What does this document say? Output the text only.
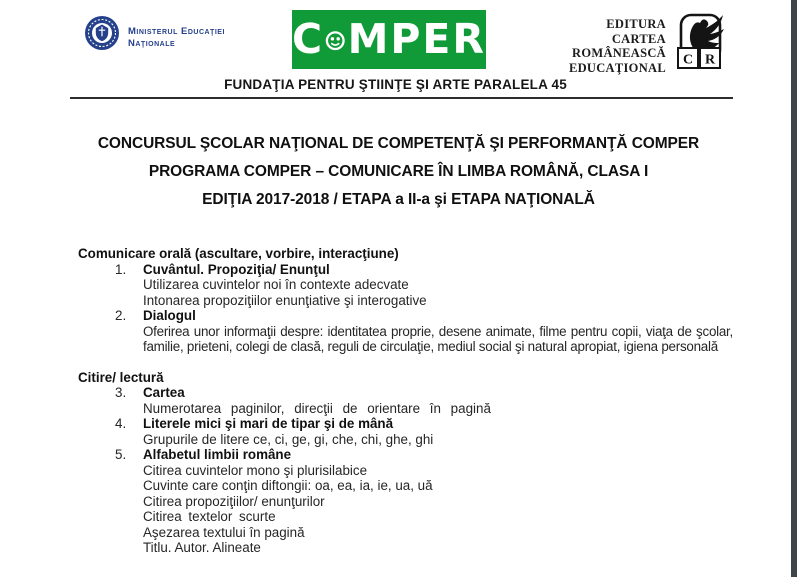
Ministerul Educaţiei
Naţionale	C MPER	EDITURA
CARTEA ROMÂNEASCĂ
EDUCAŢIONAL C R
FUNDAŢIA PENTRU ŞTIINŢE ŞI ARTE PARALELA 45
CONCURSUL ŞCOLAR NAŢIONAL DE COMPETENŢĂ ŞI PERFORMANŢĂ COMPER
PROGRAMA COMPER – COMUNICARE ÎN LIMBA ROMÂNĂ, CLASA I
EDIŢIA 2017-2018 / ETAPA a II-a şi ETAPA NAŢIONALĂ
Comunicare orală (ascultare, vorbire, interacţiune)
1.	Cuvântul. Propoziţia/ Enunţul
Utilizarea cuvintelor noi în contexte adecvate
Intonarea propoziţiilor enunţiative şi interogative
2.	Dialogul
Oferirea unor informaţii despre: identitatea proprie, desene animate, filme pentru copii, viaţa de şcolar, familie, prieteni, colegi de clasă, reguli de circulaţie, mediul social şi natural apropiat, igiena personală
Citire/ lectură
3.	Cartea
Numerotarea paginilor, direcţii de orientare în pagină
4.	Literele mici şi mari de tipar şi de mână
Grupurile de litere ce, ci, ge, gi, che, chi, ghe, ghi
5.	Alfabetul limbii române
Citirea cuvintelor mono şi plurisilabice
Cuvinte care conţin diftongii: oa, ea, ia, ie, ua, uă
Citirea propoziţiilor/ enunţurilor
Citirea textelor scurte
Aşezarea textului în pagină
Titlu. Autor. Alineate
